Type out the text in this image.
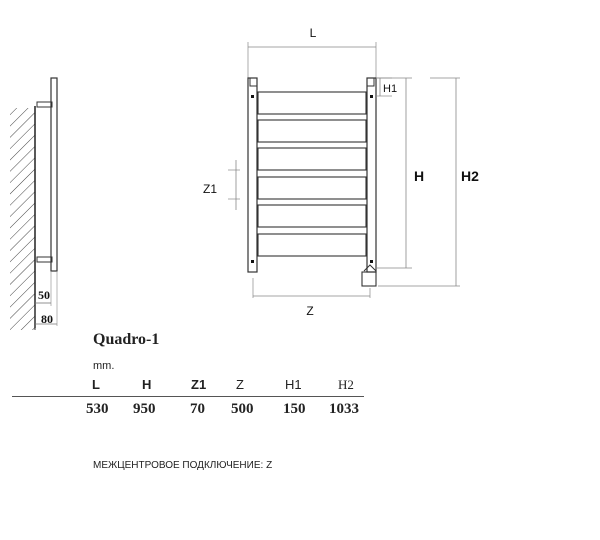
50
80
L
H1
H	H2
Z1
Z
Quadro-1
mm.
L	H	Z1 Z	H1	H2
530 950 70 500 150 1033
МЕЖЦЕНТРОВОЕ ПОДКЛЮЧЕНИЕ: Z
